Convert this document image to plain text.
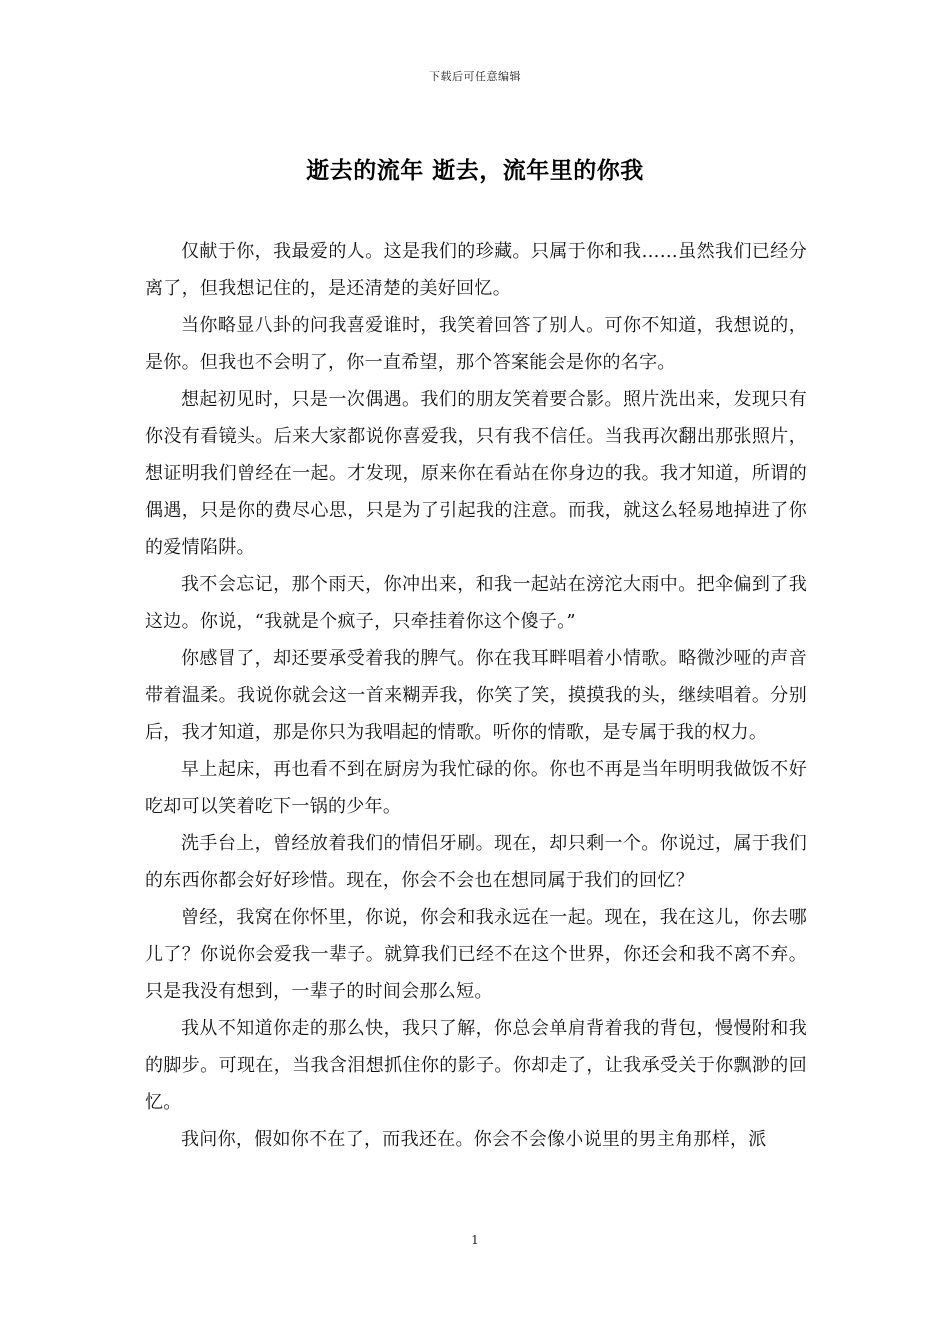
下载后可任意编辑
逝去的流年 逝去，流年里的你我

仅献于你，我最爱的人。这是我们的珍藏。只属于你和我……虽然我们已经分离了，但我想记住的，是还清楚的美好回忆。

当你略显八卦的问我喜爱谁时，我笑着回答了别人。可你不知道，我想说的，是你。但我也不会明了，你一直希望，那个答案能会是你的名字。

想起初见时，只是一次偶遇。我们的朋友笑着要合影。照片洗出来，发现只有你没有看镜头。后来大家都说你喜爱我，只有我不信任。当我再次翻出那张照片，想证明我们曾经在一起。才发现，原来你在看站在你身边的我。我才知道，所谓的偶遇，只是你的费尽心思，只是为了引起我的注意。而我，就这么轻易地掉进了你的爱情陷阱。

我不会忘记，那个雨天，你冲出来，和我一起站在滂沱大雨中。把伞偏到了我这边。你说，“我就是个疯子，只牵挂着你这个傻子。”

你感冒了，却还要承受着我的脾气。你在我耳畔唱着小情歌。略微沙哑的声音带着温柔。我说你就会这一首来糊弄我，你笑了笑，摸摸我的头，继续唱着。分别后，我才知道，那是你只为我唱起的情歌。听你的情歌，是专属于我的权力。

早上起床，再也看不到在厨房为我忙碌的你。你也不再是当年明明我做饭不好吃却可以笑着吃下一锅的少年。

洗手台上，曾经放着我们的情侣牙刷。现在，却只剩一个。你说过，属于我们的东西你都会好好珍惜。现在，你会不会也在想同属于我们的回忆？

曾经，我窝在你怀里，你说，你会和我永远在一起。现在，我在这儿，你去哪儿了？你说你会爱我一辈子。就算我们已经不在这个世界，你还会和我不离不弃。只是我没有想到，一辈子的时间会那么短。

我从不知道你走的那么快，我只了解，你总会单肩背着我的背包，慢慢附和我的脚步。可现在，当我含泪想抓住你的影子。你却走了，让我承受关于你飘渺的回忆。

我问你，假如你不在了，而我还在。你会不会像小说里的男主角那样，派

1
